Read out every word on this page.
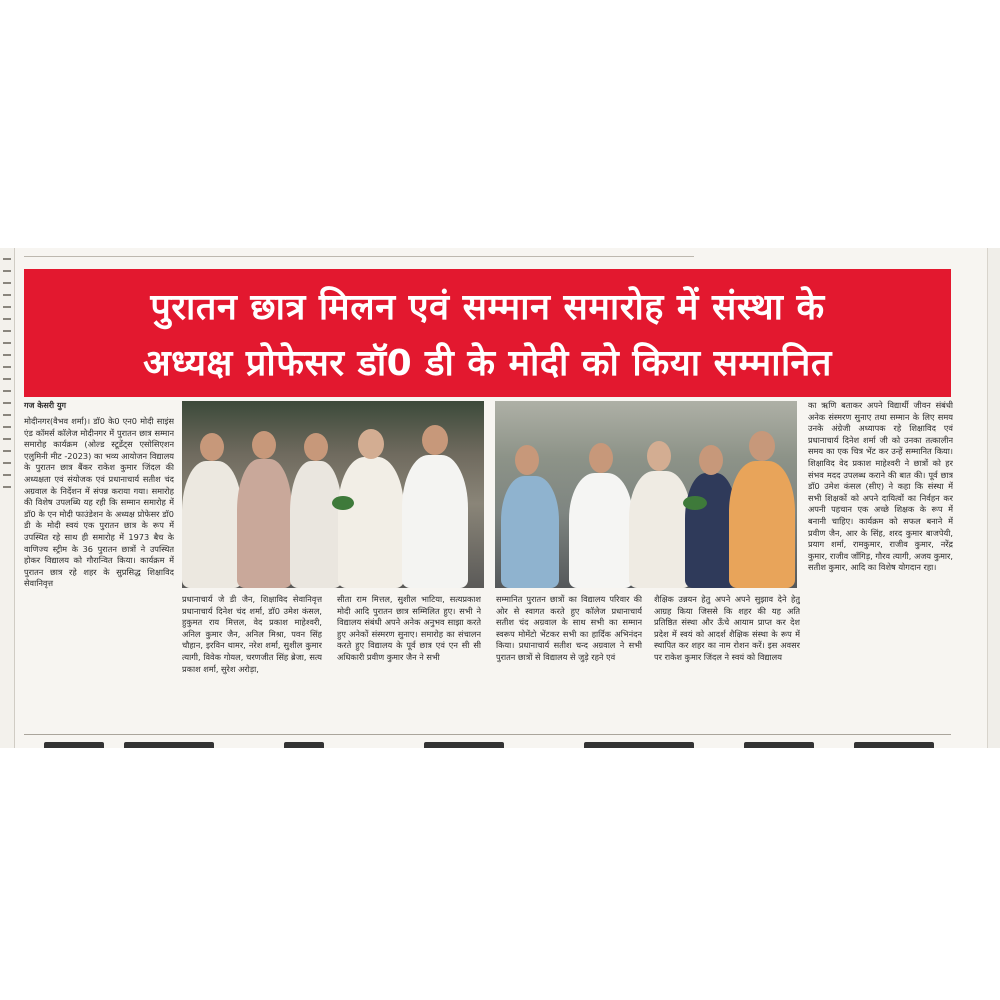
पुरातन छात्र मिलन एवं सम्मान समारोह में संस्था के
अध्यक्ष प्रोफेसर डॉ0 डी के मोदी को किया सम्मानित
गज केसरी युग
मोदीनगर(वैभव शर्मा)। डॉ0 के0 एन0 मोदी साइंस एंड कॉमर्स कॉलेज मोदीनगर में पुरातन छात्र सम्मान समारोह कार्यक्रम (ओल्ड स्टूडेंट्स एसोसिएशन एलुमिनी मीट -2023) का भव्य आयोजन विद्यालय के पुरातन छात्र बैंकर राकेश कुमार जिंदल की अध्यक्षता एवं संयोजक एवं प्रधानाचार्य सतीश चंद अग्रवाल के निर्देशन में संपन्न कराया गया। समारोह की विशेष उपलब्धि यह रही कि सम्मान समारोह में डॉ0 के एन मोदी फाउंडेशन के अध्यक्ष प्रोफेसर डॉ0 डी के मोदी स्वयं एक पुरातन छात्र के रूप में उपस्थित रहे साथ ही समारोह में 1973 बैच के वाणिज्य स्ट्रीम के 36 पुरातन छात्रों ने उपस्थित होकर विद्यालय को गौरान्वित किया। कार्यक्रम में पुरातन छात्र रहे शहर के सुप्रसिद्ध शिक्षाविद सेवानिवृत्त
प्रधानाचार्य जे डी जैन, शिक्षाविद सेवानिवृत्त प्रधानाचार्य दिनेश चंद शर्मा, डॉ0 उमेश कंसल, हुकुमत राय मित्तल, वेद प्रकाश माहेश्वरी, अनिल कुमार जैन, अनिल मिश्रा, पवन सिंह चौहान, इरविन थामर, नरेश शर्मा, सुशील कुमार त्यागी, विवेक गोयल, चरणजीत सिंह ब्रेजा, सत्य प्रकाश शर्मा, सुरेश अरोड़ा,
सीता राम मित्तल, सुशील भाटिया, सत्यप्रकाश मोदी आदि पुरातन छात्र सम्मिलित हुए। सभी ने विद्यालय संबंधी अपने अनेक अनुभव साझा करते हुए अनेकों संस्मरण सुनाए। समारोह का संचालन करते हुए विद्यालय के पूर्व छात्र एवं एन सी सी अधिकारी प्रवीण कुमार जैन ने सभी
सम्मानित पुरातन छात्रों का विद्यालय परिवार की ओर से स्वागत करते हुए कॉलेज प्रधानाचार्य सतीश चंद अग्रवाल के साथ सभी का सम्मान स्वरूप मोमेंटो भेंटकर सभी का हार्दिक अभिनंदन किया। प्रधानाचार्य सतीश चन्द अग्रवाल ने सभी पुरातन छात्रों से विद्यालय से जुड़े रहने एवं
शैक्षिक उन्नयन हेतु अपने अपने सुझाव देने हेतु आग्रह किया जिससे कि शहर की यह अति प्रतिष्ठित संस्था और ऊँचे आयाम प्राप्त कर देश प्रदेश में स्वयं को आदर्श शैक्षिक संस्था के रूप में स्थापित कर शहर का नाम रोशन करें। इस अवसर पर राकेश कुमार जिंदल ने स्वयं को विद्यालय
का ऋणि बताकर अपने विद्यार्थी जीवन संबंधी अनेक संस्मरण सुनाए तथा सम्मान के लिए समय उनके अंग्रेजी अध्यापक रहे शिक्षाविद एवं प्रधानाचार्य दिनेश शर्मा जी को उनका तत्कालीन समय का एक चित्र भेंट कर उन्हें सम्मानित किया। शिक्षाविद वेद प्रकाश माहेश्वरी ने छात्रों को हर संभव मदद उपलब्ध कराने की बात की। पूर्व छात्र डॉ0 उमेश कंसल (सीए) ने कहा कि संस्था में सभी शिक्षकों को अपने दायित्वों का निर्वहन कर अपनी पहचान एक अच्छे शिक्षक के रूप में बनानी चाहिए। कार्यक्रम को सफल बनाने में प्रवीण जैन, आर के सिंह, शरद कुमार बाजपेयी, प्रयाग शर्मा, रामकुमार, राजीव कुमार, नरेंद्र कुमार, राजीव जाँगिड़, गौरव त्यागी, अजय कुमार, सतीश कुमार, आदि का विशेष योगदान रहा।
